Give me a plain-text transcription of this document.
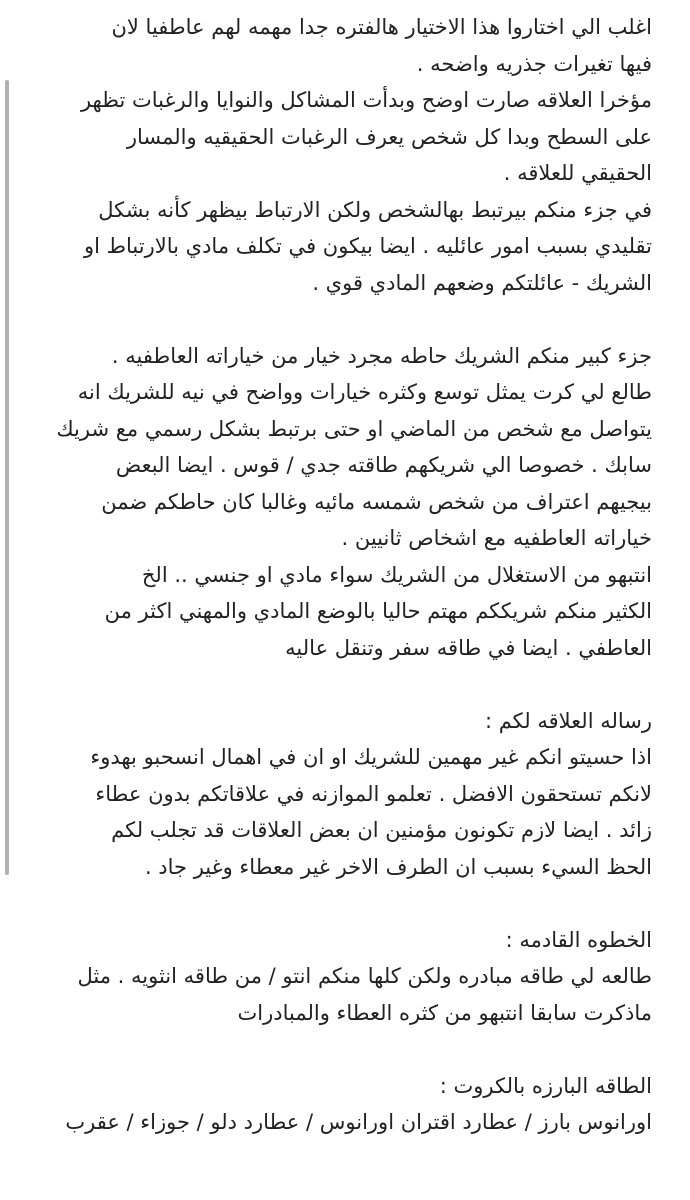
اغلب الي اختاروا هذا الاختيار هالفتره جدا مهمه لهم عاطفيا لان
فيها تغيرات جذريه واضحه .
مؤخرا العلاقه صارت اوضح وبدأت المشاكل والنوايا والرغبات تظهر
على السطح وبدا كل شخص يعرف الرغبات الحقيقيه والمسار
الحقيقي للعلاقه .
في جزء منكم بيرتبط بهالشخص ولكن الارتباط بيظهر كأنه بشكل
تقليدي بسبب امور عائليه . ايضا بيكون في تكلف مادي بالارتباط او
الشريك - عائلتكم وضعهم المادي قوي .
جزء كبير منكم الشريك حاطه مجرد خيار من خياراته العاطفيه .
طالع لي كرت يمثل توسع وكثره خيارات وواضح في نيه للشريك انه
يتواصل مع شخص من الماضي او حتى برتبط بشكل رسمي مع شريك
سابك . خصوصا الي شريكهم طاقته جدي / قوس . ايضا البعض
بيجيهم اعتراف من شخص شمسه مائيه وغالبا كان حاطكم ضمن
خياراته العاطفيه مع اشخاص ثانيين .
انتبهو من الاستغلال من الشريك سواء مادي او جنسي .. الخ
الكثير منكم شريككم مهتم حاليا بالوضع المادي والمهني اكثر من
العاطفي . ايضا في طاقه سفر وتنقل عاليه
رساله العلاقه لكم :
اذا حسيتو انكم غير مهمين للشريك او ان في اهمال انسحبو بهدوء
لانكم تستحقون الافضل . تعلمو الموازنه في علاقاتكم بدون عطاء
زائد . ايضا لازم تكونون مؤمنين ان بعض العلاقات قد تجلب لكم
الحظ السيء بسبب ان الطرف الاخر غير معطاء وغير جاد .
الخطوه القادمه :
طالعه لي طاقه مبادره ولكن كلها منكم انتو / من طاقه انثويه . مثل
ماذكرت سابقا انتبهو من كثره العطاء والمبادرات
الطاقه البارزه بالكروت :
اورانوس بارز / عطارد اقتران اورانوس / عطارد دلو / جوزاء / عقرب
